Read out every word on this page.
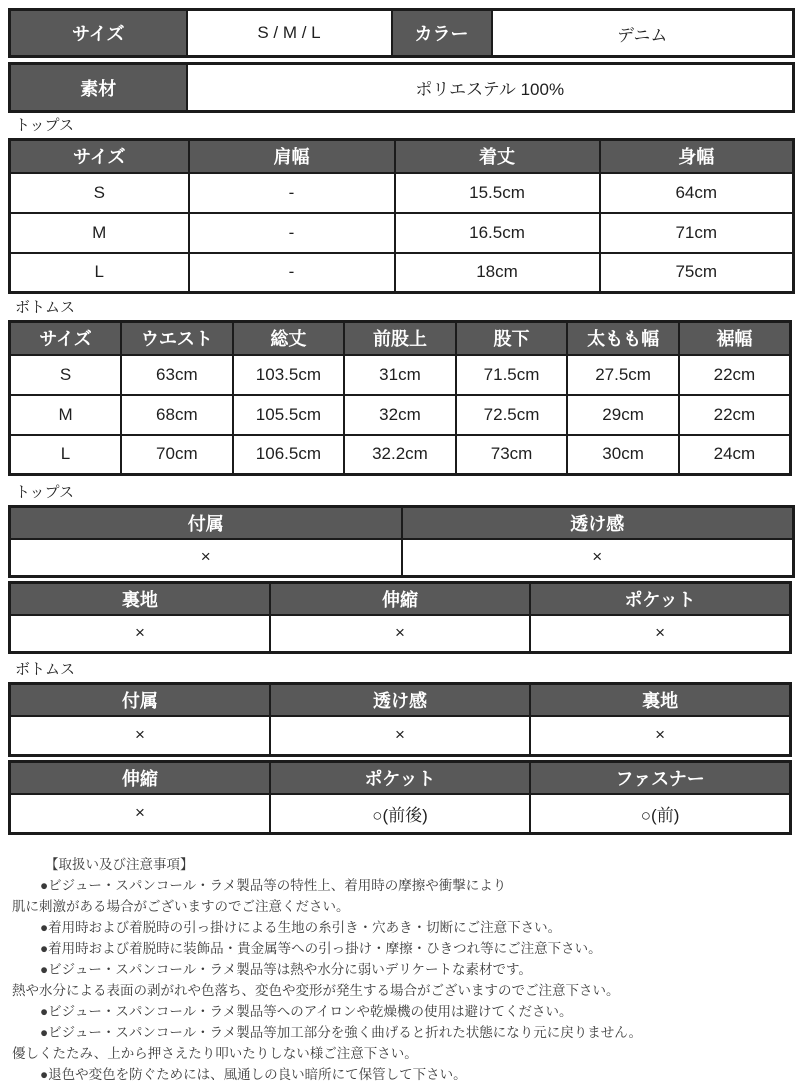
サイズ	S / M / L	カラー	デニム
素材	ポリエステル 100%
トップス
サイズ	肩幅	着丈	身幅
S	-	15.5cm	64cm
M	-	16.5cm	71cm
L	-	18cm	75cm
ボトムス
サイズ	ウエスト	総丈	前股上	股下	太もも幅	裾幅
S	63cm	103.5cm	31cm	71.5cm	27.5cm	22cm
M	68cm	105.5cm	32cm	72.5cm	29cm	22cm
L	70cm	106.5cm	32.2cm	73cm	30cm	24cm
トップス
付属	透け感
×	×
裏地	伸縮	ポケット
×	×	×
ボトムス
付属	透け感	裏地
×	×	×
伸縮	ポケット	ファスナー
×	○(前後)	○(前)
【取扱い及び注意事項】
●ビジュー・スパンコール・ラメ製品等の特性上、着用時の摩擦や衝撃により
肌に刺激がある場合がございますのでご注意ください。
●着用時および着脱時の引っ掛けによる生地の糸引き・穴あき・切断にご注意下さい。
●着用時および着脱時に装飾品・貴金属等への引っ掛け・摩擦・ひきつれ等にご注意下さい。
●ビジュー・スパンコール・ラメ製品等は熱や水分に弱いデリケートな素材です。
熱や水分による表面の剥がれや色落ち、変色や変形が発生する場合がございますのでご注意下さい。
●ビジュー・スパンコール・ラメ製品等へのアイロンや乾燥機の使用は避けてください。
●ビジュー・スパンコール・ラメ製品等加工部分を強く曲げると折れた状態になり元に戻りません。
優しくたたみ、上から押さえたり叩いたりしない様ご注意下さい。
●退色や変色を防ぐためには、風通しの良い暗所にて保管して下さい。
